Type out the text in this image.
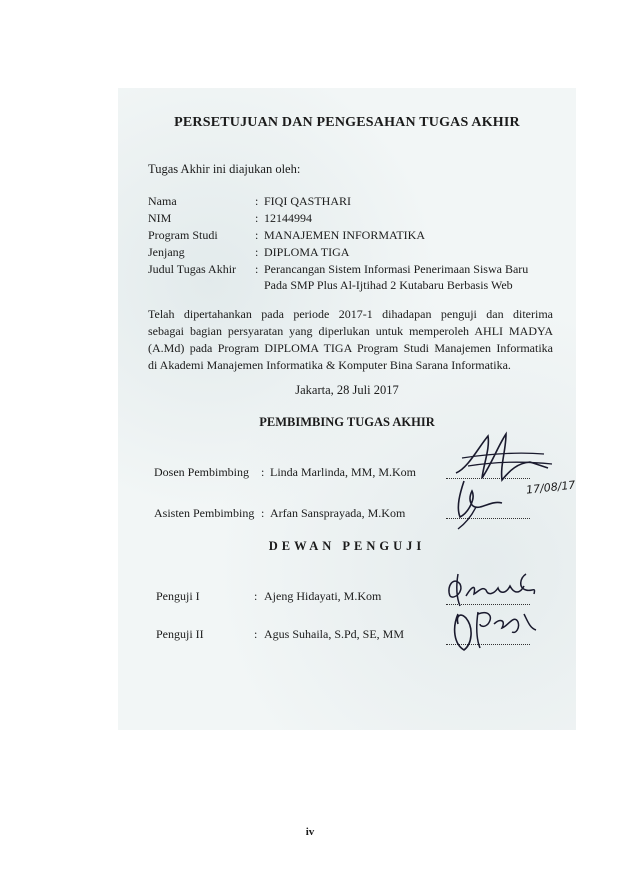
PERSETUJUAN DAN PENGESAHAN TUGAS AKHIR
Tugas Akhir ini diajukan oleh:
Nama	: FIQI QASTHARI
NIM	: 12144994
Program Studi	: MANAJEMEN INFORMATIKA
Jenjang	: DIPLOMA TIGA
Judul Tugas Akhir : Perancangan Sistem Informasi Penerimaan Siswa Baru
Pada SMP Plus Al-Ijtihad 2 Kutabaru Berbasis Web
Telah dipertahankan pada periode 2017-1 dihadapan penguji dan diterima
sebagai bagian persyaratan yang diperlukan untuk memperoleh AHLI MADYA
(A.Md) pada Program DIPLOMA TIGA Program Studi Manajemen Informatika
di Akademi Manajemen Informatika & Komputer Bina Sarana Informatika.
Jakarta, 28 Juli 2017
PEMBIMBING TUGAS AKHIR
Dosen Pembimbing : Linda Marlinda, MM, M.Kom
Asisten Pembimbing : Arfan Sansprayada, M.Kom
17/08/17
DEWAN PENGUJI
Penguji I	: Ajeng Hidayati, M.Kom
Penguji II	: Agus Suhaila, S.Pd, SE, MM
iv
